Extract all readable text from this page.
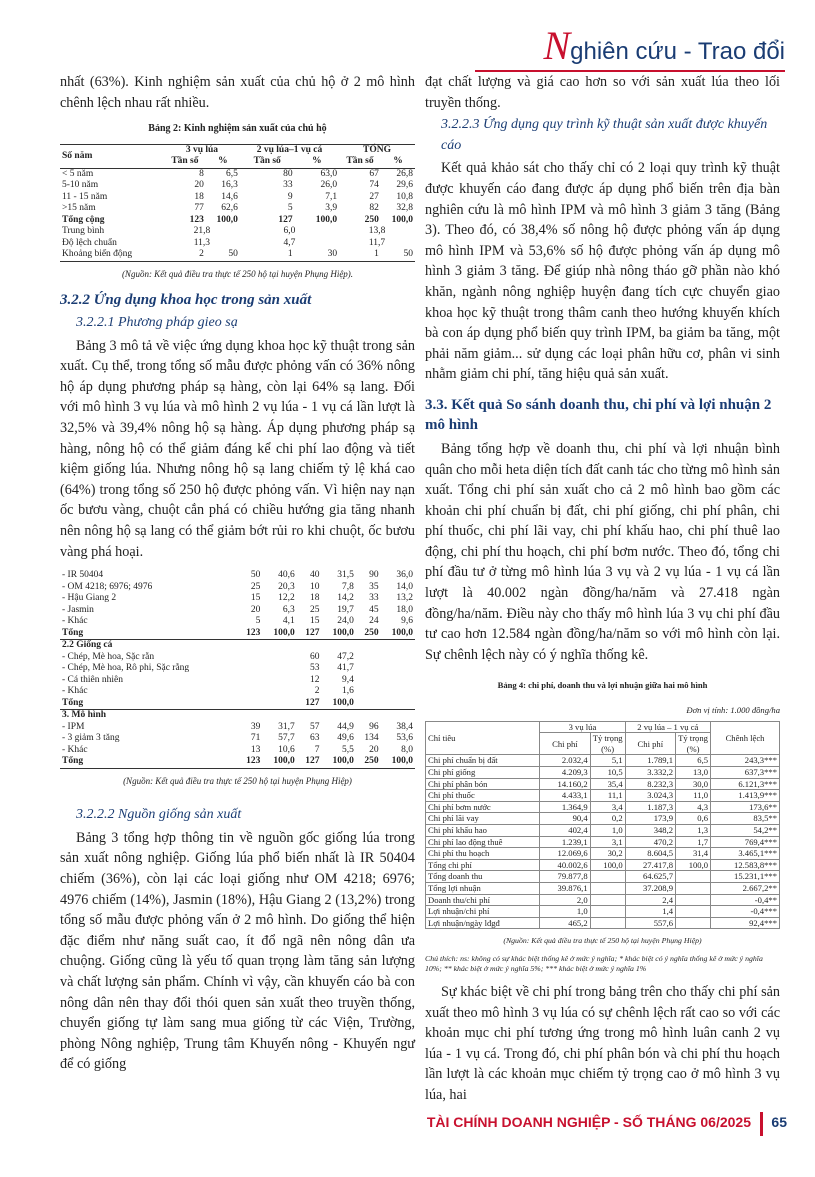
Nghiên cứu - Trao đổi

nhất (63%). Kinh nghiệm sản xuất của chủ hộ ở 2 mô hình chênh lệch nhau rất nhiều.

Bảng 2: Kinh nghiệm sản xuất của chủ hộ
Số năm	3 vụ lúa		2 vụ lúa–1 vụ cá		TỔNG	
	Tần số	%	Tần số	%	Tần số	%
< 5 năm	8	6,5	80	63,0	67	26,8
5-10 năm	20	16,3	33	26,0	74	29,6
11 - 15 năm	18	14,6	9	7,1	27	10,8
>15 năm	77	62,6	5	3,9	82	32,8
Tổng cộng	123	100,0	127	100,0	250	100,0
Trung bình	21,8		6,0		13,8	
Độ lệch chuẩn	11,3		4,7		11,7	
Khoảng biến động	2	50	1	30	1	50
(Nguồn: Kết quả điều tra thực tế 250 hộ tại huyện Phụng Hiệp).
3.2.2 Ứng dụng khoa học trong sản xuất
3.2.2.1 Phương pháp gieo sạ

Bảng 3 mô tả về việc ứng dụng khoa học kỹ thuật trong sản xuất. Cụ thể, trong tổng số mẫu được phỏng vấn có 36% nông hộ áp dụng phương pháp sạ hàng, còn lại 64% sạ lang. Đối với mô hình 3 vụ lúa và mô hình 2 vụ lúa - 1 vụ cá lần lượt là 32,5% và 39,4% nông hộ sạ hàng. Áp dụng phương pháp sạ hàng, nông hộ có thể giảm đáng kể chi phí lao động và tiết kiệm giống lúa. Nhưng nông hộ sạ lang chiếm tỷ lệ khá cao (64%) trong tổng số 250 hộ được phỏng vấn. Vì hiện nay nạn ốc bươu vàng, chuột cắn phá có chiều hướng gia tăng nhanh nên nông hộ sạ lang có thể giảm bớt rủi ro khi chuột, ốc bươu vàng phá hoại.

- IR 50404	50	40,6	40	31,5	90	36,0
- OM 4218; 6976; 4976	25	20,3	10	7,8	35	14,0
- Hậu Giang 2	15	12,2	18	14,2	33	13,2
- Jasmin	20	6,3	25	19,7	45	18,0
- Khác	5	4,1	15	24,0	24	9,6
Tổng	123	100,0	127	100,0	250	100,0
2.2 Giống cá						
- Chép, Mè hoa, Sặc rằn			60	47,2		
- Chép, Mè hoa, Rô phi, Sặc rằng			53	41,7		
- Cá thiên nhiên			12	9,4		
- Khác			2	1,6		
Tổng			127	100,0		
3. Mô hình						
- IPM	39	31,7	57	44,9	96	38,4
- 3 giảm 3 tăng	71	57,7	63	49,6	134	53,6
- Khác	13	10,6	7	5,5	20	8,0
Tổng	123	100,0	127	100,0	250	100,0
(Nguồn: Kết quả điều tra thực tế 250 hộ tại huyện Phụng Hiệp)
3.2.2.2 Nguồn giống sản xuất

Bảng 3 tổng hợp thông tin về nguồn gốc giống lúa trong sản xuất nông nghiệp. Giống lúa phổ biến nhất là IR 50404 chiếm (36%), còn lại các loại giống như OM 4218; 6976; 4976 chiếm (14%), Jasmin (18%), Hậu Giang 2 (13,2%) trong tổng số mẫu được phỏng vấn ở 2 mô hình. Do giống thể hiện đặc điểm như năng suất cao, ít đổ ngã nên nông dân ưa chuộng. Giống cũng là yếu tố quan trọng làm tăng sản lượng và chất lượng sản phẩm. Chính vì vậy, cần khuyến cáo bà con nông dân nên thay đổi thói quen sản xuất theo truyền thống, chuyển giống tự làm sang mua giống từ các Viện, Trường, phòng Nông nghiệp, Trung tâm Khuyến nông - Khuyến ngư để có giống

đạt chất lượng và giá cao hơn so với sản xuất lúa theo lối truyền thống.

3.2.2.3 Ứng dụng quy trình kỹ thuật sản xuất được khuyến cáo

Kết quả khảo sát cho thấy chỉ có 2 loại quy trình kỹ thuật được khuyến cáo đang được áp dụng phổ biến trên địa bàn nghiên cứu là mô hình IPM và mô hình 3 giảm 3 tăng (Bảng 3). Theo đó, có 38,4% số nông hộ được phỏng vấn áp dụng mô hình IPM và 53,6% số hộ được phỏng vấn áp dụng mô hình 3 giảm 3 tăng. Để giúp nhà nông tháo gỡ phần nào khó khăn, ngành nông nghiệp huyện đang tích cực chuyển giao khoa học kỹ thuật trong thâm canh theo hướng khuyến khích bà con áp dụng phổ biến quy trình IPM, ba giảm ba tăng, một phải năm giảm... sử dụng các loại phân hữu cơ, phân vi sinh nhằm giảm chi phí, tăng hiệu quả sản xuất.

3.3. Kết quả So sánh doanh thu, chi phí và lợi nhuận 2 mô hình

Bảng tổng hợp về doanh thu, chi phí và lợi nhuận bình quân cho mỗi heta diện tích đất canh tác cho từng mô hình sản xuất. Tổng chi phí sản xuất cho cả 2 mô hình bao gồm các khoản chi phí chuẩn bị đất, chi phí giống, chi phí phân, chi phí thuốc, chi phí lãi vay, chi phí khấu hao, chi phí thuê lao động, chi phí thu hoạch, chi phí bơm nước. Theo đó, tổng chi phí đầu tư ở từng mô hình lúa 3 vụ và 2 vụ lúa - 1 vụ cá lần lượt là 40.002 ngàn đồng/ha/năm và 27.418 ngàn đồng/ha/năm. Điều này cho thấy mô hình lúa 3 vụ chi phí đầu tư cao hơn 12.584 ngàn đồng/ha/năm so với mô hình còn lại. Sự chênh lệch này có ý nghĩa thống kê.

Bảng 4: chi phí, doanh thu và lợi nhuận giữa hai mô hình
Đơn vị tính: 1.000 đồng/ha
Chỉ tiêu	3 vụ lúa		2 vụ lúa – 1 vụ cá		Chênh lệch
	Chi phí	Tỷ trọng (%)	Chi phí	Tỷ trọng (%)	
Chi phí chuẩn bị đất	2.032,4	5,1	1.789,1	6,5	243,3***
Chi phí giống	4.209,3	10,5	3.332,2	13,0	637,3***
Chi phí phân bón	14.160,2	35,4	8.232,3	30,0	6.121,3***
Chi phí thuốc	4.433,1	11,1	3.024,3	11,0	1.413,9***
Chi phí bơm nước	1.364,9	3,4	1.187,3	4,3	173,6**
Chi phí lãi vay	90,4	0,2	173,9	0,6	83,5**
Chi phí khấu hao	402,4	1,0	348,2	1,3	54,2**
Chi phí lao động thuê	1.239,1	3,1	470,2	1,7	769,4***
Chi phí thu hoạch	12.069,6	30,2	8.604,5	31,4	3.465,1***
Tổng chi phí	40.002,6	100,0	27.417,8	100,0	12.583,8***
Tổng doanh thu	79.877,8		64.625,7		15.231,1***
Tổng lợi nhuận	39.876,1		37.208,9		2.667,2**
Doanh thu/chi phí	2,0		2,4		-0,4**
Lợi nhuận/chi phí	1,0		1,4		-0,4***
Lợi nhuận/ngày lđgđ	465,2		557,6		92,4***
(Nguồn: Kết quả điều tra thực tế 250 hộ tại huyện Phụng Hiệp)
Chú thích: ns: không có sự khác biệt thống kê ở mức ý nghĩa; * khác biệt có ý nghĩa thống kê ở mức ý nghĩa 10%; ** khác biệt ở mức ý nghĩa 5%; *** khác biệt ở mức ý nghĩa 1%

Sự khác biệt về chi phí trong bảng trên cho thấy chi phí sản xuất theo mô hình 3 vụ lúa có sự chênh lệch rất cao so với các khoản mục chi phí tương ứng trong mô hình luân canh 2 vụ lúa - 1 vụ cá. Trong đó, chi phí phân bón và chi phí thu hoạch lần lượt là các khoản mục chiếm tỷ trọng cao ở mô hình 3 vụ lúa, hai

TÀI CHÍNH DOANH NGHIỆP - SỐ THÁNG 06/2025 65
